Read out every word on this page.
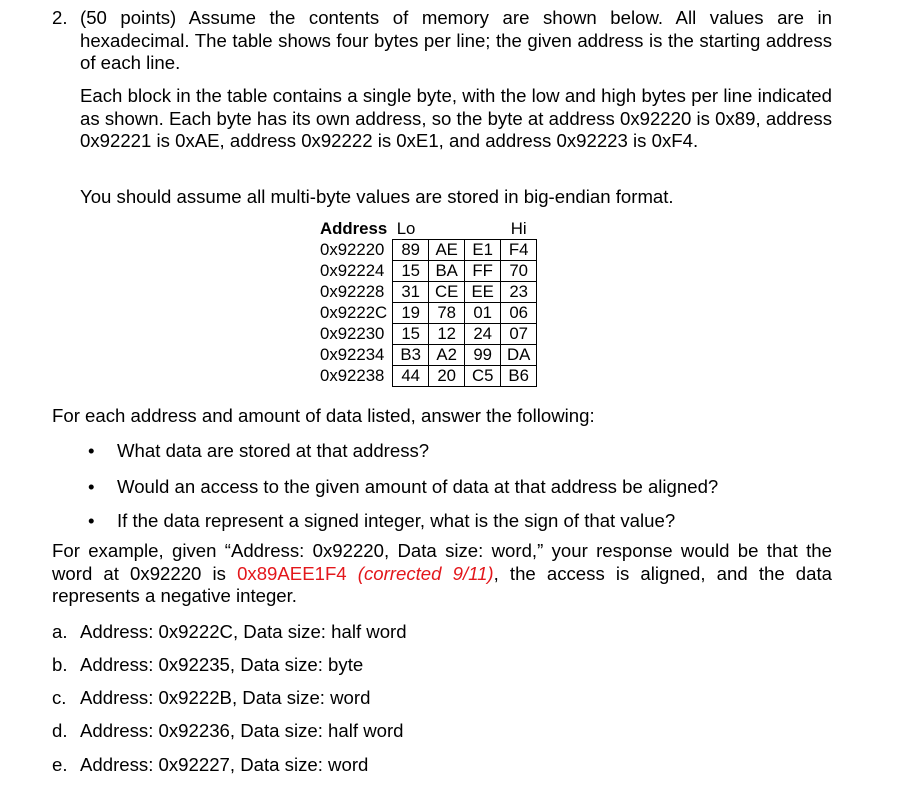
2. (50 points) Assume the contents of memory are shown below. All values are in hexadecimal. The table shows four bytes per line; the given address is the starting address of each line.

Each block in the table contains a single byte, with the low and high bytes per line indicated as shown. Each byte has its own address, so the byte at address 0x92220 is 0x89, address 0x92221 is 0xAE, address 0x92222 is 0xE1, and address 0x92223 is 0xF4.

You should assume all multi-byte values are stored in big-endian format.

Address	Lo			Hi
0x92220	89	AE	E1	F4
0x92224	15	BA	FF	70
0x92228	31	CE	EE	23
0x9222C	19	78	01	06
0x92230	15	12	24	07
0x92234	B3	A2	99	DA
0x92238	44	20	C5	B6

For each address and amount of data listed, answer the following:

•	What data are stored at that address?
•	Would an access to the given amount of data at that address be aligned?
•	If the data represent a signed integer, what is the sign of that value?

For example, given “Address: 0x92220, Data size: word,” your response would be that the word at 0x92220 is 0x89AEE1F4 (corrected 9/11), the access is aligned, and the data represents a negative integer.

a. Address: 0x9222C, Data size: half word
b. Address: 0x92235, Data size: byte
c. Address: 0x9222B, Data size: word
d. Address: 0x92236, Data size: half word
e. Address: 0x92227, Data size: word
